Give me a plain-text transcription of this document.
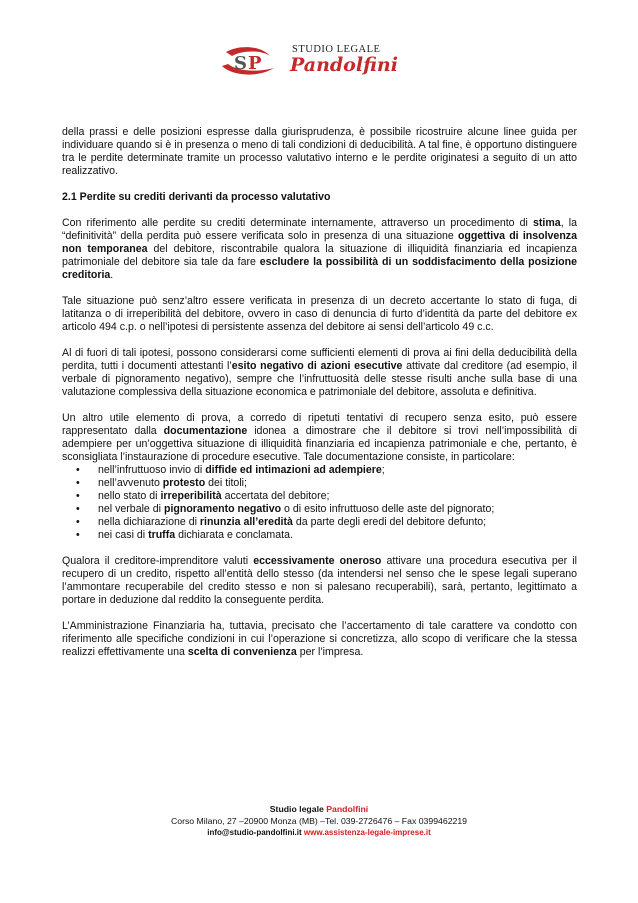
S P
STUDIO LEGALE
Pandolfini

della prassi e delle posizioni espresse dalla giurisprudenza, è possibile ricostruire alcune linee guida per individuare quando si è in presenza o meno di tali condizioni di deducibilità. A tal fine, è opportuno distinguere tra le perdite determinate tramite un processo valutativo interno e le perdite originatesi a seguito di un atto realizzativo.

2.1 Perdite su crediti derivanti da processo valutativo

Con riferimento alle perdite su crediti determinate internamente, attraverso un procedimento di stima, la “definitività” della perdita può essere verificata solo in presenza di una situazione oggettiva di insolvenza non temporanea del debitore, riscontrabile qualora la situazione di illiquidità finanziaria ed incapienza patrimoniale del debitore sia tale da fare escludere la possibilità di un soddisfacimento della posizione creditoria.

Tale situazione può senz’altro essere verificata in presenza di un decreto accertante lo stato di fuga, di latitanza o di irreperibilità del debitore, ovvero in caso di denuncia di furto d’identità da parte del debitore ex articolo 494 c.p. o nell’ipotesi di persistente assenza del debitore ai sensi dell’articolo 49 c.c.

Al di fuori di tali ipotesi, possono considerarsi come sufficienti elementi di prova ai fini della deducibilità della perdita, tutti i documenti attestanti l’esito negativo di azioni esecutive attivate dal creditore (ad esempio, il verbale di pignoramento negativo), sempre che l’infruttuosità delle stesse risulti anche sulla base di una valutazione complessiva della situazione economica e patrimoniale del debitore, assoluta e definitiva.

Un altro utile elemento di prova, a corredo di ripetuti tentativi di recupero senza esito, può essere rappresentato dalla documentazione idonea a dimostrare che il debitore si trovi nell’impossibilità di adempiere per un’oggettiva situazione di illiquidità finanziaria ed incapienza patrimoniale e che, pertanto, è sconsigliata l’instaurazione di procedure esecutive. Tale documentazione consiste, in particolare:

• nell’infruttuoso invio di diffide ed intimazioni ad adempiere;
• nell’avvenuto protesto dei titoli;
• nello stato di irreperibilità accertata del debitore;
• nel verbale di pignoramento negativo o di esito infruttuoso delle aste del pignorato;
• nella dichiarazione di rinunzia all’eredità da parte degli eredi del debitore defunto;
• nei casi di truffa dichiarata e conclamata.

Qualora il creditore-imprenditore valuti eccessivamente oneroso attivare una procedura esecutiva per il recupero di un credito, rispetto all’entità dello stesso (da intendersi nel senso che le spese legali superano l’ammontare recuperabile del credito stesso e non si palesano recuperabili), sarà, pertanto, legittimato a portare in deduzione dal reddito la conseguente perdita.

L’Amministrazione Finanziaria ha, tuttavia, precisato che l’accertamento di tale carattere va condotto con riferimento alle specifiche condizioni in cui l’operazione si concretizza, allo scopo di verificare che la stessa realizzi effettivamente una scelta di convenienza per l’impresa.

Studio legale Pandolfini
Corso Milano, 27 –20900 Monza (MB) –Tel. 039-2726476 – Fax 0399462219
info@studio-pandolfini.it www.assistenza-legale-imprese.it
